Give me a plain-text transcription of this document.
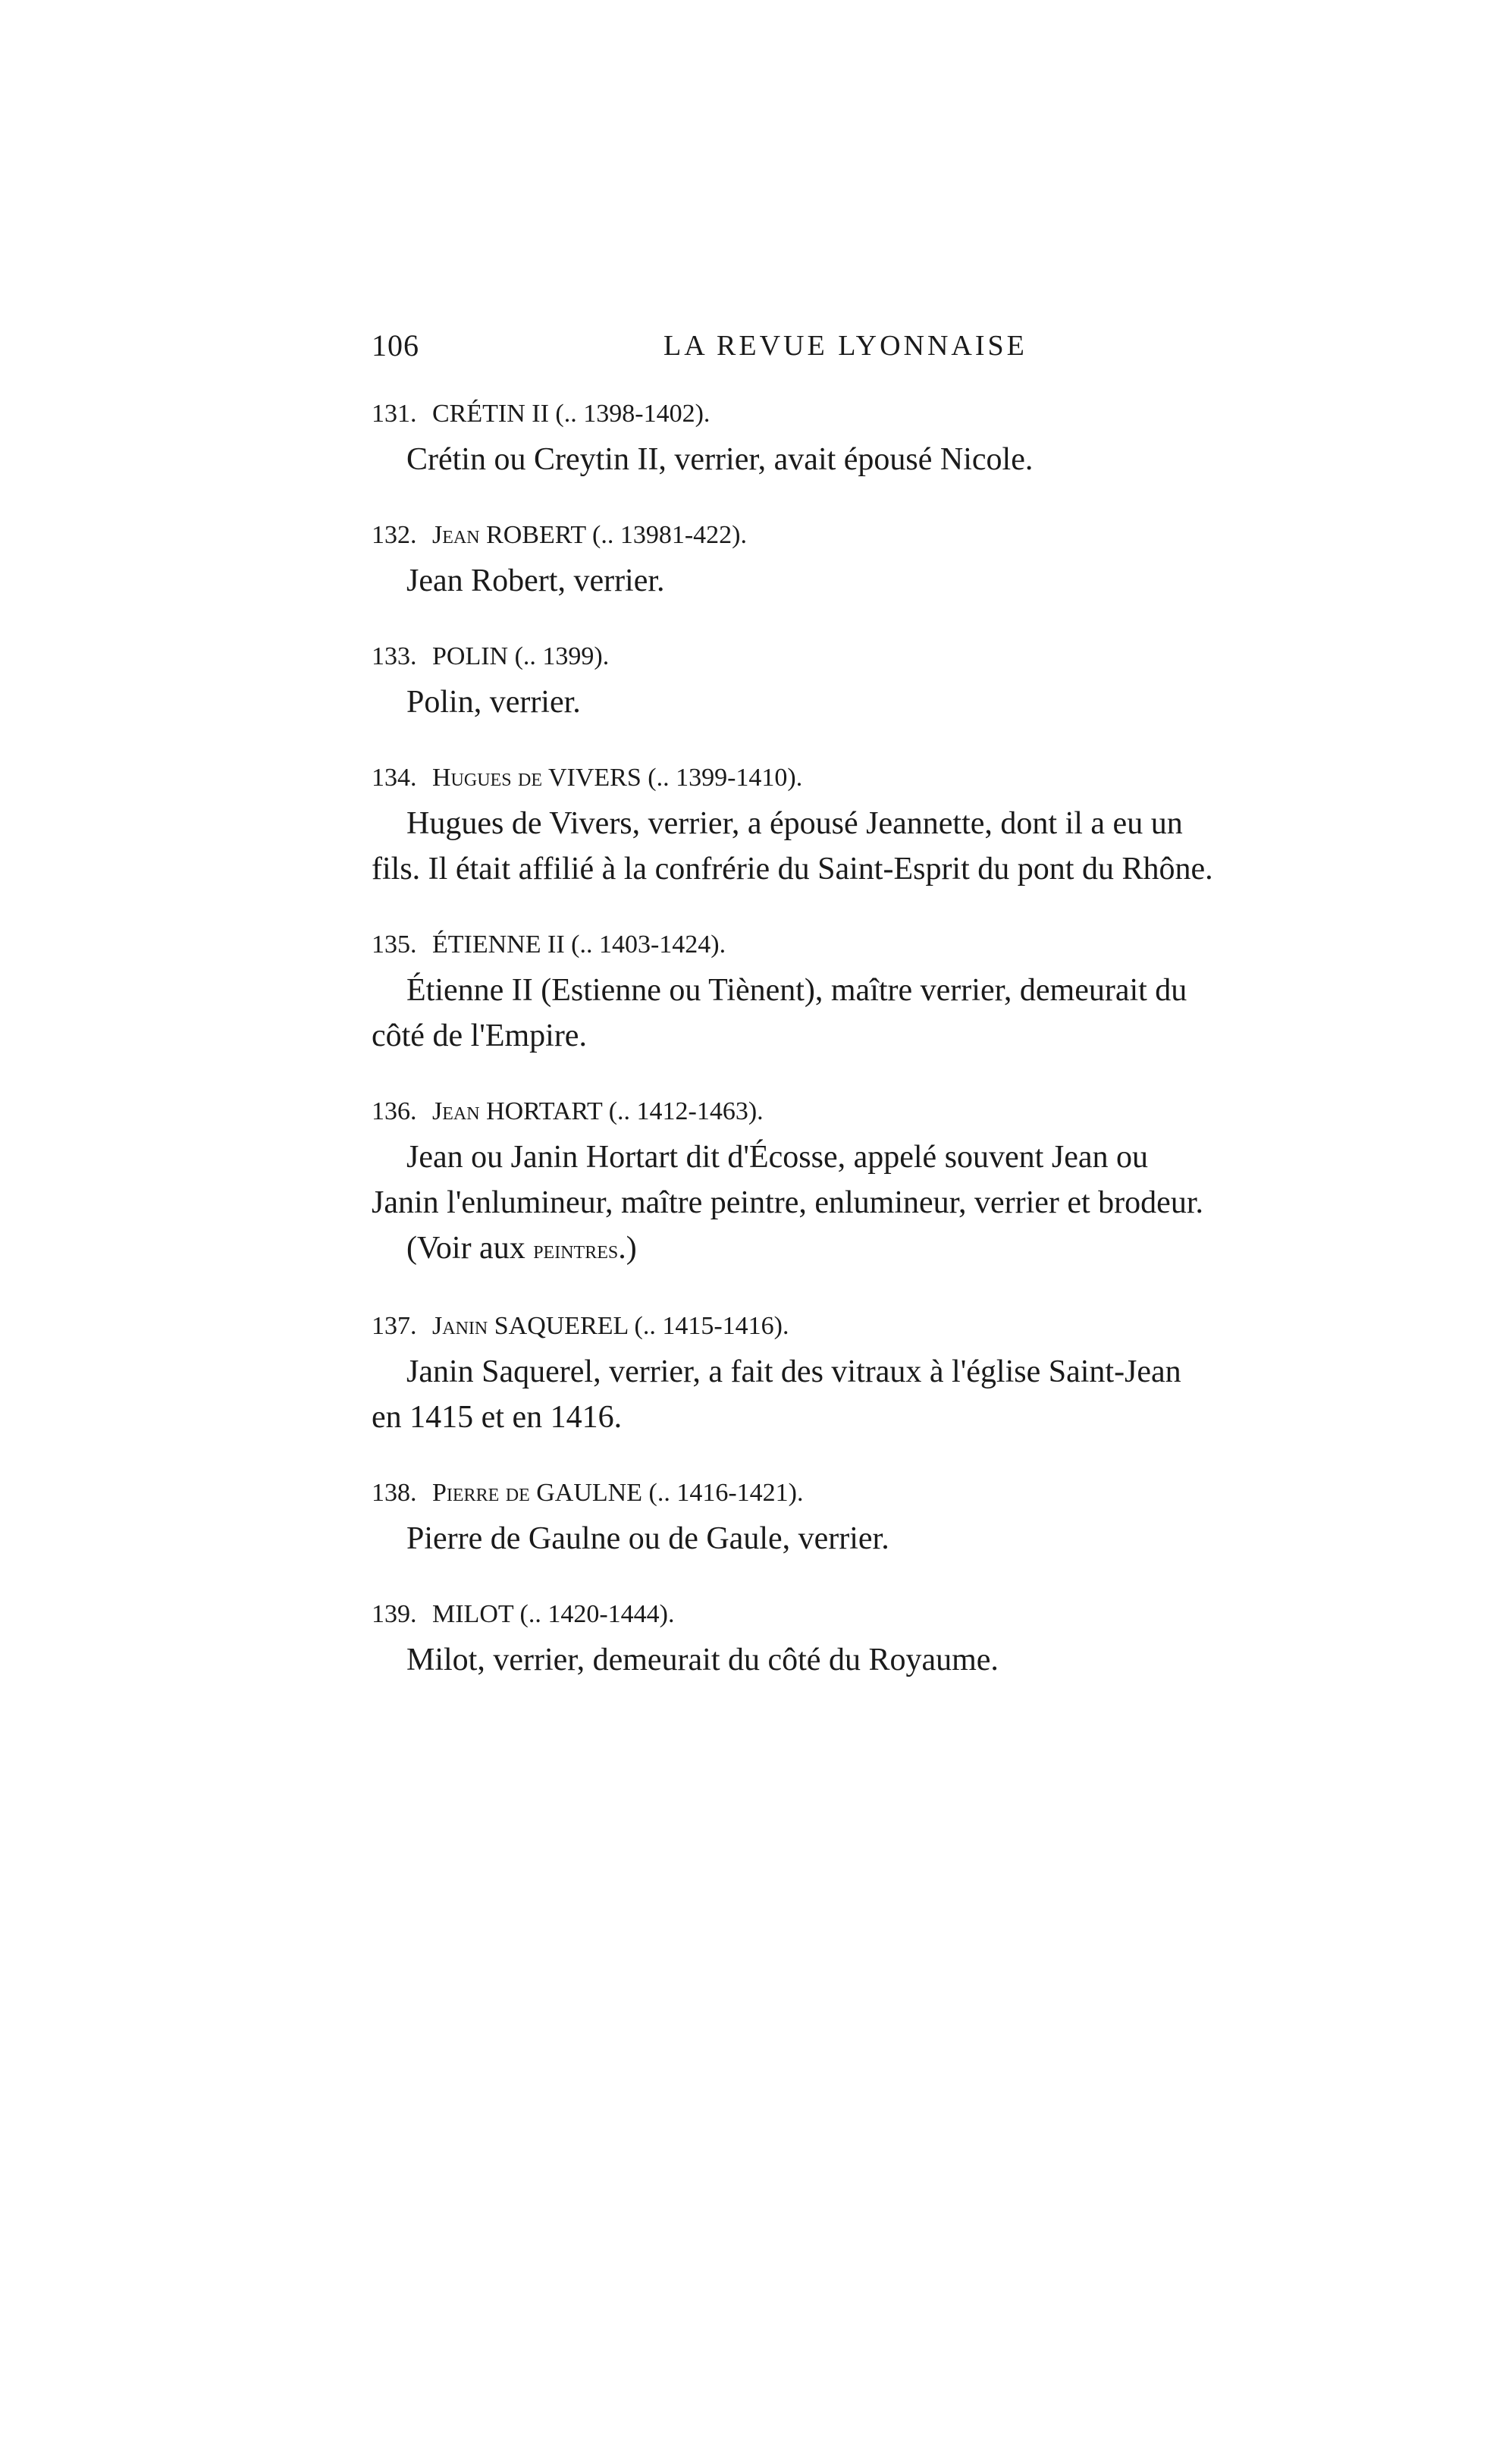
106	LA REVUE LYONNAISE
131. CRÉTIN II (.. 1398-1402).

Crétin ou Creytin II, verrier, avait épousé Nicole.

132. Jean ROBERT (.. 13981-422).

Jean Robert, verrier.

133. POLIN (.. 1399).

Polin, verrier.

134. Hugues de VIVERS (.. 1399-1410).

Hugues de Vivers, verrier, a épousé Jeannette, dont il a eu un
fils. Il était affilié à la confrérie du Saint-Esprit du pont du Rhône.

135. ÉTIENNE II (.. 1403-1424).

Étienne II (Estienne ou Tiènent), maître verrier, demeurait du
côté de l'Empire.

136. Jean HORTART (.. 1412-1463).

Jean ou Janin Hortart dit d'Écosse, appelé souvent Jean ou
Janin l'enlumineur, maître peintre, enlumineur, verrier et brodeur.
(Voir aux peintres.)

137. Janin SAQUEREL (.. 1415-1416).

Janin Saquerel, verrier, a fait des vitraux à l'église Saint-Jean
en 1415 et en 1416.

138. Pierre de GAULNE (.. 1416-1421).

Pierre de Gaulne ou de Gaule, verrier.

139. MILOT (.. 1420-1444).

Milot, verrier, demeurait du côté du Royaume.
